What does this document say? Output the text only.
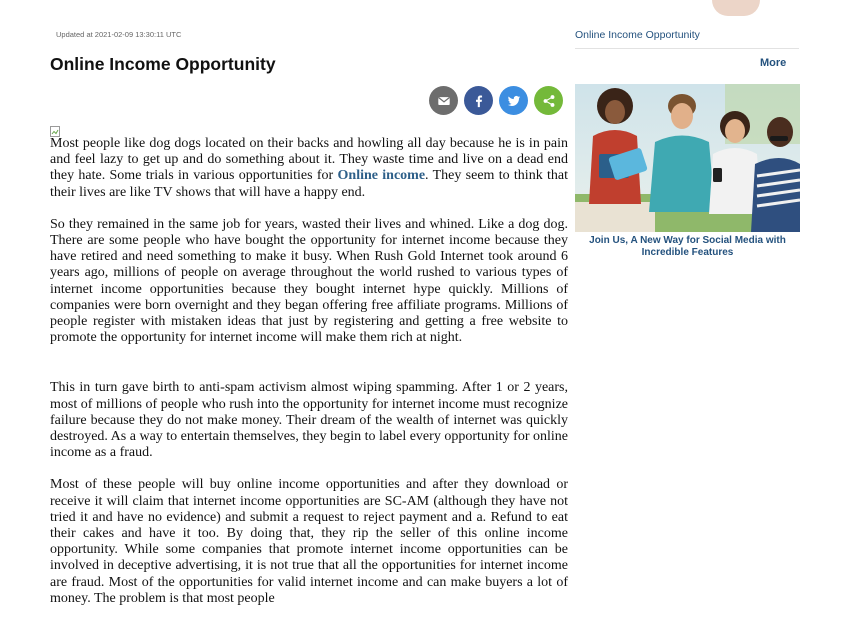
Updated at 2021-02-09 13:30:11 UTC
Online Income Opportunity

Most people like dog dogs located on their backs and howling all day because he is in pain and feel lazy to get up and do something about it. They waste time and live on a dead end they hate. Some trials in various opportunities for Online income. They seem to think that their lives are like TV shows that will have a happy end.

So they remained in the same job for years, wasted their lives and whined. Like a dog dog. There are some people who have bought the opportunity for internet income because they have retired and need something to make it busy. When Rush Gold Internet took around 6 years ago, millions of people on average throughout the world rushed to various types of internet income opportunities because they bought internet hype quickly. Millions of companies were born overnight and they began offering free affiliate programs. Millions of people register with mistaken ideas that just by registering and getting a free website to promote the opportunity for internet income will make them rich at night.

This in turn gave birth to anti-spam activism almost wiping spamming. After 1 or 2 years, most of millions of people who rush into the opportunity for internet income must recognize failure because they do not make money. Their dream of the wealth of internet was quickly destroyed. As a way to entertain themselves, they begin to label every opportunity for online income as a fraud.

Most of these people will buy online income opportunities and after they download or receive it will claim that internet income opportunities are SC-AM (although they have not tried it and have no evidence) and submit a request to reject payment and a. Refund to eat their cakes and have it too. By doing that, they rip the seller of this online income opportunity. While some companies that promote internet income opportunities can be involved in deceptive advertising, it is not true that all the opportunities for internet income are fraud. Most of the opportunities for valid internet income and can make buyers a lot of money. The problem is that most people

Online Income Opportunity
More
Join Us, A New Way for Social Media with Incredible Features
